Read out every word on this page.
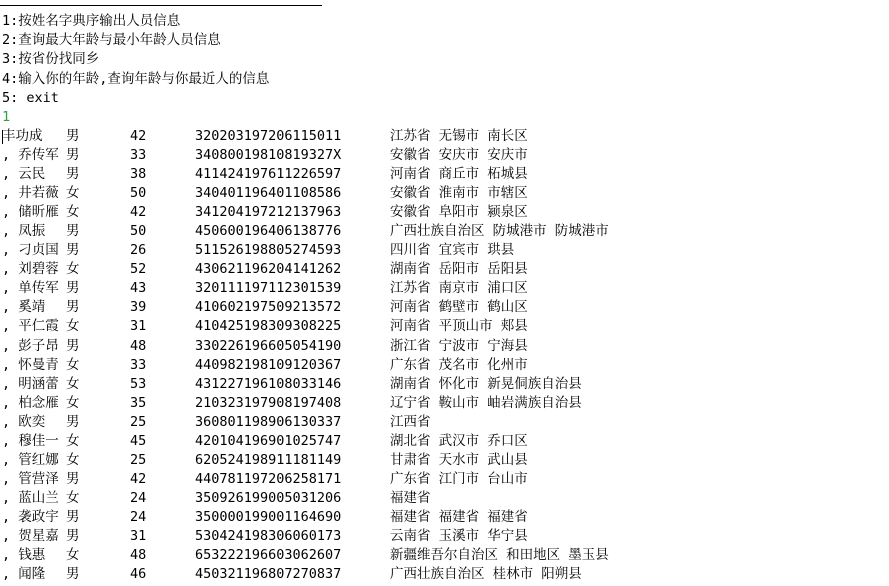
1:按姓名字典序输出人员信息
2:查询最大年龄与最小年龄人员信息
3:按省份找同乡
4:输入你的年龄,查询年龄与你最近人的信息
5: exit
1
丰功成 男	42	320203197206115011	江苏省 无锡市 南长区
, 乔传军 男	33	34080019810819327X	安徽省 安庆市 安庆市
, 云民 男	38	411424197611226597	河南省 商丘市 柘城县
, 井若薇 女	50	340401196401108586	安徽省 淮南市 市辖区
, 储昕雁 女	42	341204197212137963	安徽省 阜阳市 颍泉区
, 凤振 男	50	450600196406138776	广西壮族自治区 防城港市 防城港市
, 刁贞国 男	26	511526198805274593	四川省 宜宾市 珙县
, 刘碧蓉 女	52	430621196204141262	湖南省 岳阳市 岳阳县
, 单传军 男	43	320111197112301539	江苏省 南京市 浦口区
, 奚靖 男	39	410602197509213572	河南省 鹤壁市 鹤山区
, 平仁霞 女	31	410425198309308225	河南省 平顶山市 郏县
, 彭子昂 男	48	330226196605054190	浙江省 宁波市 宁海县
, 怀曼青 女	33	440982198109120367	广东省 茂名市 化州市
, 明涵蕾 女	53	431227196108033146	湖南省 怀化市 新晃侗族自治县
, 柏念雁 女	35	210323197908197408	辽宁省 鞍山市 岫岩满族自治县
, 欧奕 男	25	360801198906130337	江西省
, 穆佳一 女	45	420104196901025747	湖北省 武汉市 乔口区
, 管红娜 女	25	620524198911181149	甘肃省 天水市 武山县
, 管营泽 男	42	440781197206258171	广东省 江门市 台山市
, 蓝山兰 女	24	350926199005031206	福建省
, 袭政宇 男	24	350000199001164690	福建省 福建省 福建省
, 贺星嘉 男	31	530424198306060173	云南省 玉溪市 华宁县
, 钱惠 女	48	653222196603062607	新疆维吾尔自治区 和田地区 墨玉县
, 闻隆 男	46	450321196807270837	广西壮族自治区 桂林市 阳朔县
